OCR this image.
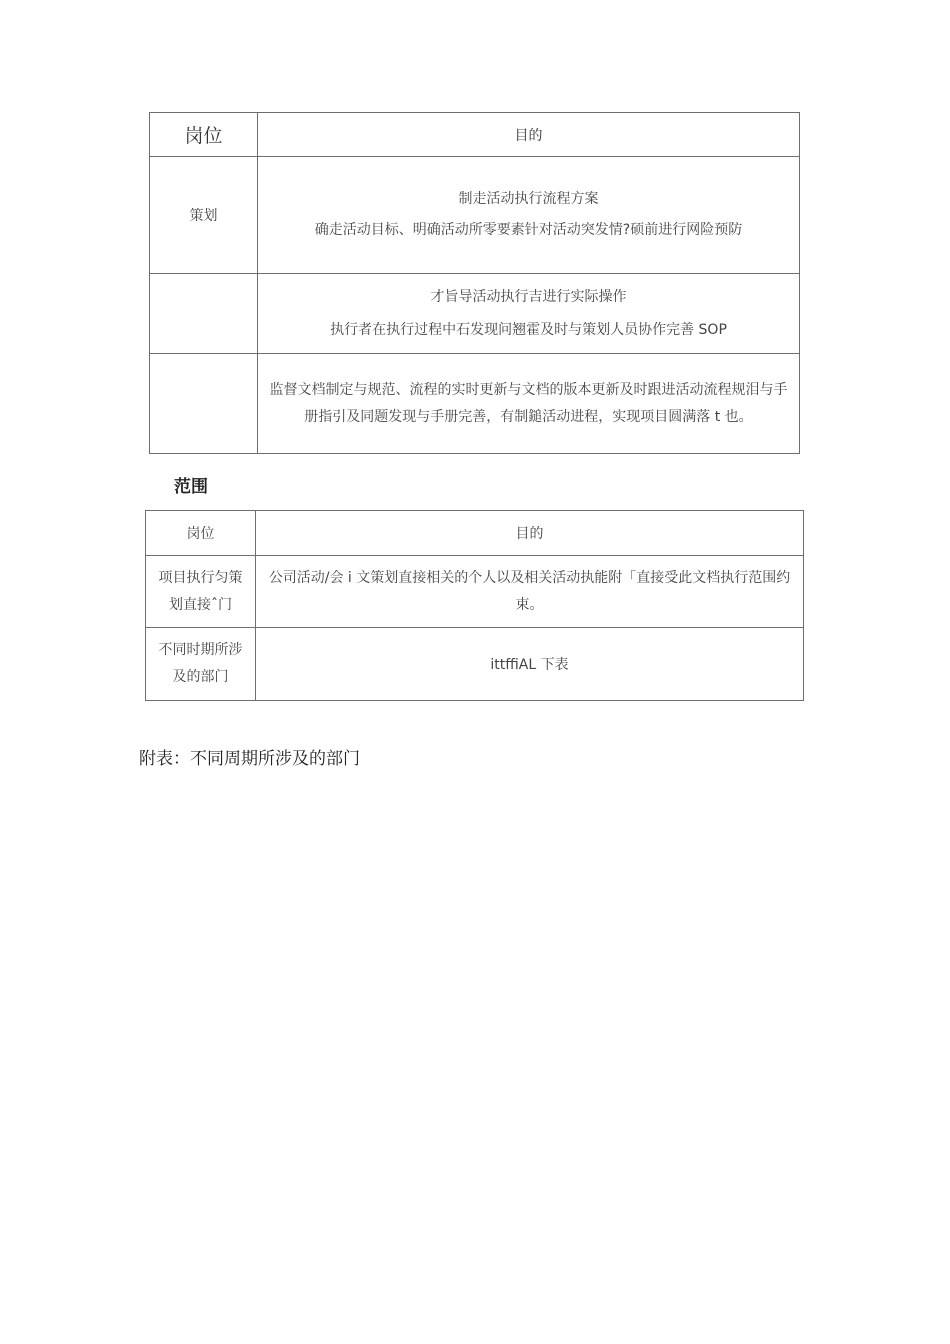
岗位	目的
策划	制走活动执行流程方案
确走活动目标、明确活动所零要素针对活动突发情?硕前进行网险预防

	才旨导活动执行吉进行实际操作
执行者在执行过程中石发现问翘霍及时与策划人员协作完善 SOP

	监督文档制定与规范、流程的实时更新与文档的版本更新及时跟进活动流程规泪与手册指引及同题发现与手册完善，有制鎚活动进程，实现项目圆满落 t 也。
范围
岗位	目的

项目执行匀策划直接ˆ门	公司活动/会 i 文策划直接相关的个人以及相关活动执能附「直接受此文档执行范围约束。

不同时期所涉及的部门	ittffiAL 下表
附表：不同周期所涉及的部门
